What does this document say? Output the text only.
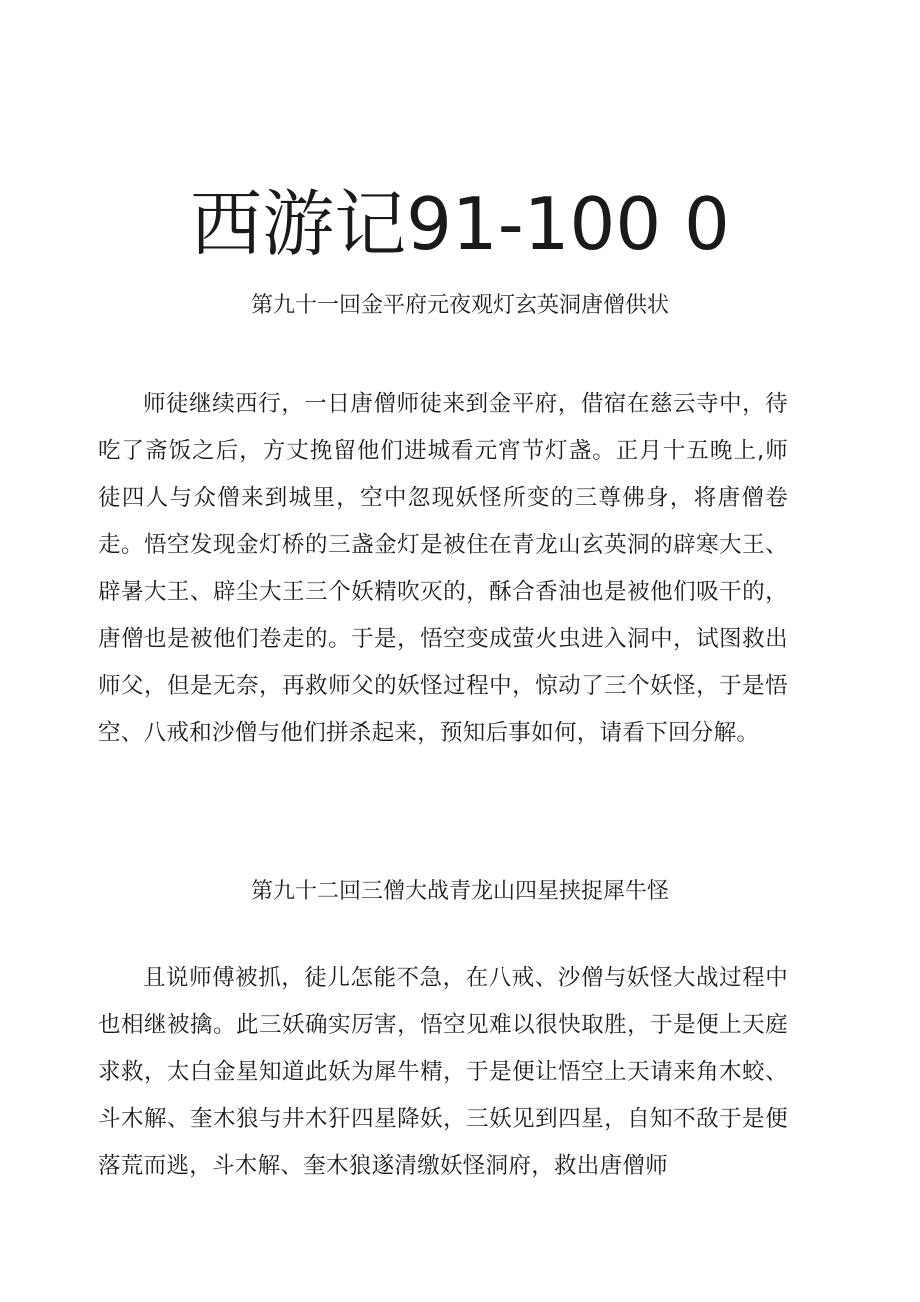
西游记91-100 0
第九十一回金平府元夜观灯玄英洞唐僧供状

师徒继续西行，一日唐僧师徒来到金平府，借宿在慈云寺中，待吃了斋饭之后，方丈挽留他们进城看元宵节灯盏。正月十五晚上,师徒四人与众僧来到城里，空中忽现妖怪所变的三尊佛身，将唐僧卷走。悟空发现金灯桥的三盏金灯是被住在青龙山玄英洞的辟寒大王、辟暑大王、辟尘大王三个妖精吹灭的，酥合香油也是被他们吸干的，唐僧也是被他们卷走的。于是，悟空变成萤火虫进入洞中，试图救出师父，但是无奈，再救师父的妖怪过程中，惊动了三个妖怪，于是悟空、八戒和沙僧与他们拼杀起来，预知后事如何，请看下回分解。

第九十二回三僧大战青龙山四星挟捉犀牛怪

且说师傅被抓，徒儿怎能不急，在八戒、沙僧与妖怪大战过程中也相继被擒。此三妖确实厉害，悟空见难以很快取胜，于是便上天庭求救，太白金星知道此妖为犀牛精，于是便让悟空上天请来角木蛟、斗木解、奎木狼与井木犴四星降妖，三妖见到四星，自知不敌于是便落荒而逃，斗木解、奎木狼遂清缴妖怪洞府，救出唐僧师
